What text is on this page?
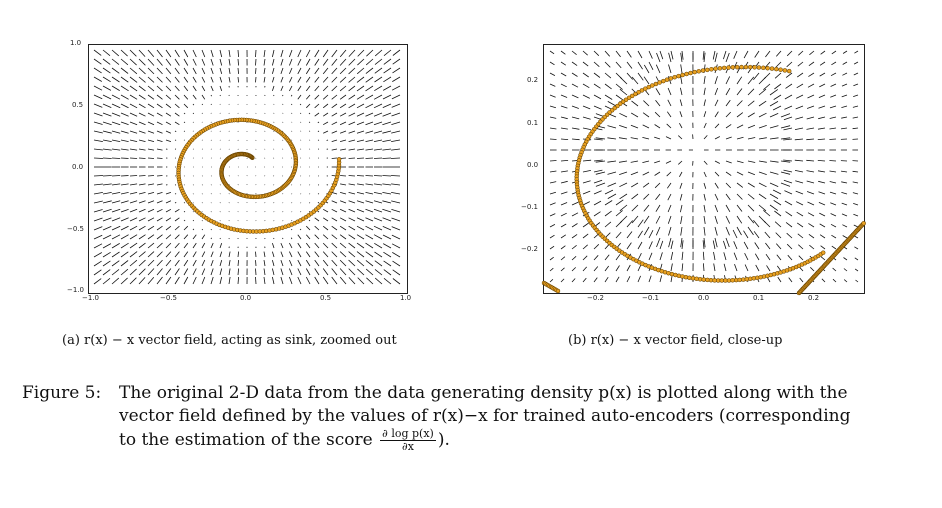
1.0
0.5
0.0
−0.5
−1.0
−1.0	−0.5	0.0	0.5	1.0
0.2
0.1
0.0
−0.1
−0.2
−0.2	−0.1	0.0	0.1	0.2
(a) r(x) − x vector field, acting as sink, zoomed out	(b) r(x) − x vector field, close-up
Figure 5: The original 2-D data from the data generating density p(x) is plotted along with the
vector field defined by the values of r(x)−x for trained auto-encoders (corresponding
to the estimation of the score $\frac{\text{∂ log p(x)}}{\partial x}$ ).
